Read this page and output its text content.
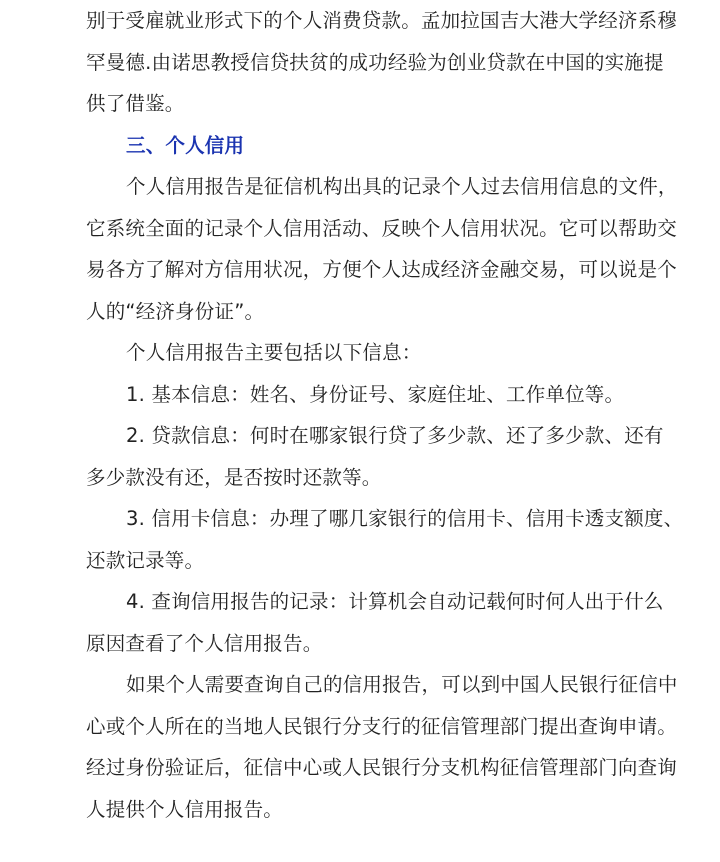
别于受雇就业形式下的个人消费贷款。孟加拉国吉大港大学经济系穆
罕曼德.由诺思教授信贷扶贫的成功经验为创业贷款在中国的实施提
供了借鉴。
三、个人信用
个人信用报告是征信机构出具的记录个人过去信用信息的文件，
它系统全面的记录个人信用活动、反映个人信用状况。它可以帮助交
易各方了解对方信用状况，方便个人达成经济金融交易，可以说是个
人的“经济身份证”。
个人信用报告主要包括以下信息：
1. 基本信息：姓名、身份证号、家庭住址、工作单位等。
2. 贷款信息：何时在哪家银行贷了多少款、还了多少款、还有
多少款没有还，是否按时还款等。
3. 信用卡信息：办理了哪几家银行的信用卡、信用卡透支额度、
还款记录等。
4. 查询信用报告的记录：计算机会自动记载何时何人出于什么
原因查看了个人信用报告。
如果个人需要查询自己的信用报告，可以到中国人民银行征信中
心或个人所在的当地人民银行分支行的征信管理部门提出查询申请。
经过身份验证后，征信中心或人民银行分支机构征信管理部门向查询
人提供个人信用报告。
